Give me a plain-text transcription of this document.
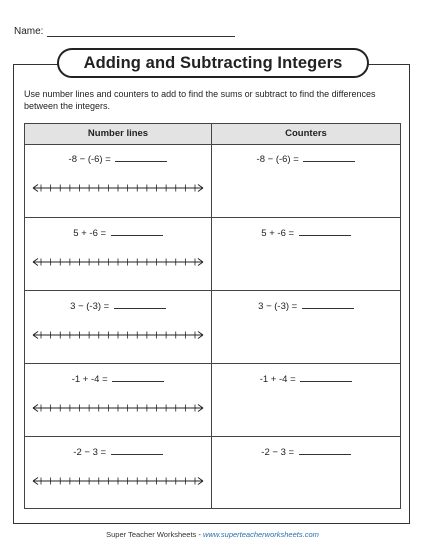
Name:
Adding and Subtracting Integers
Use number lines and counters to add to find the sums or subtract to find the differences between the integers.
Number lines	Counters
-8 − (-6) =	-8 − (-6) =
5 + -6 =	5 + -6 =
3 − (-3) =	3 − (-3) =
-1 + -4 =	-1 + -4 =
-2 − 3 =	-2 − 3 =
Super Teacher Worksheets - www.superteacherworksheets.com
